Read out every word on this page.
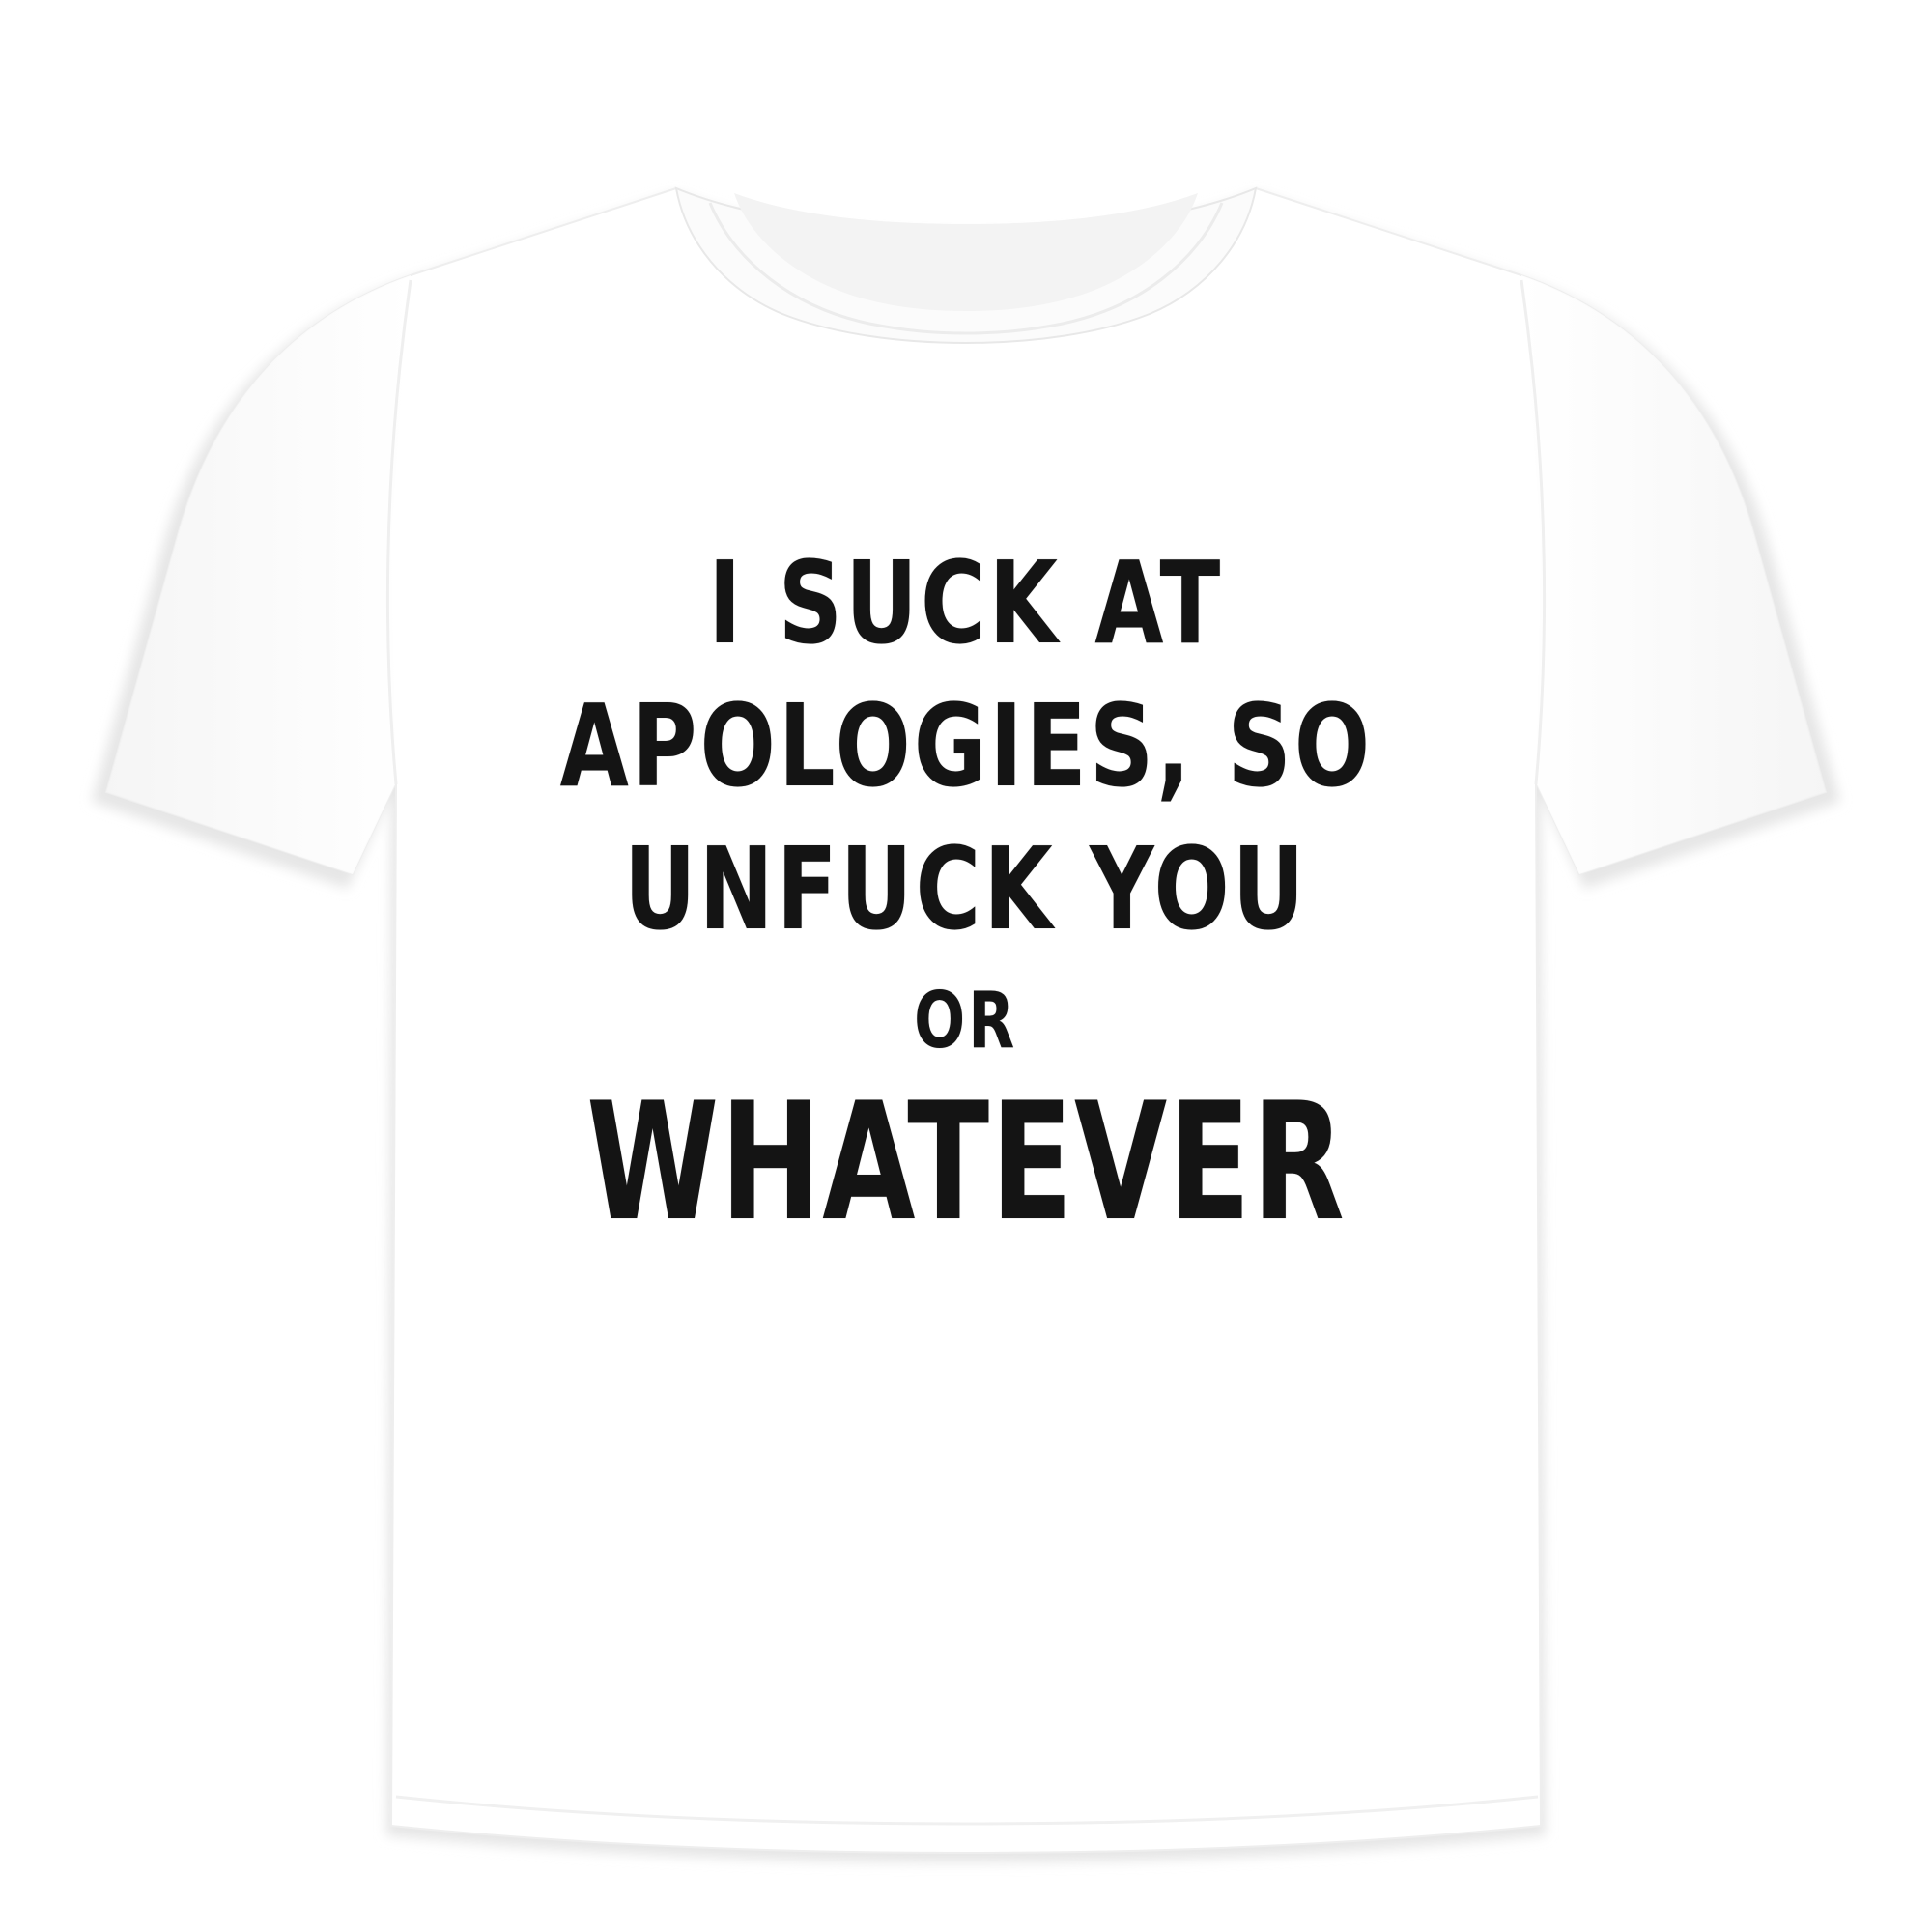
I SUCK AT
APOLOGIES, SO
UNFUCK YOU
OR
WHATEVER
